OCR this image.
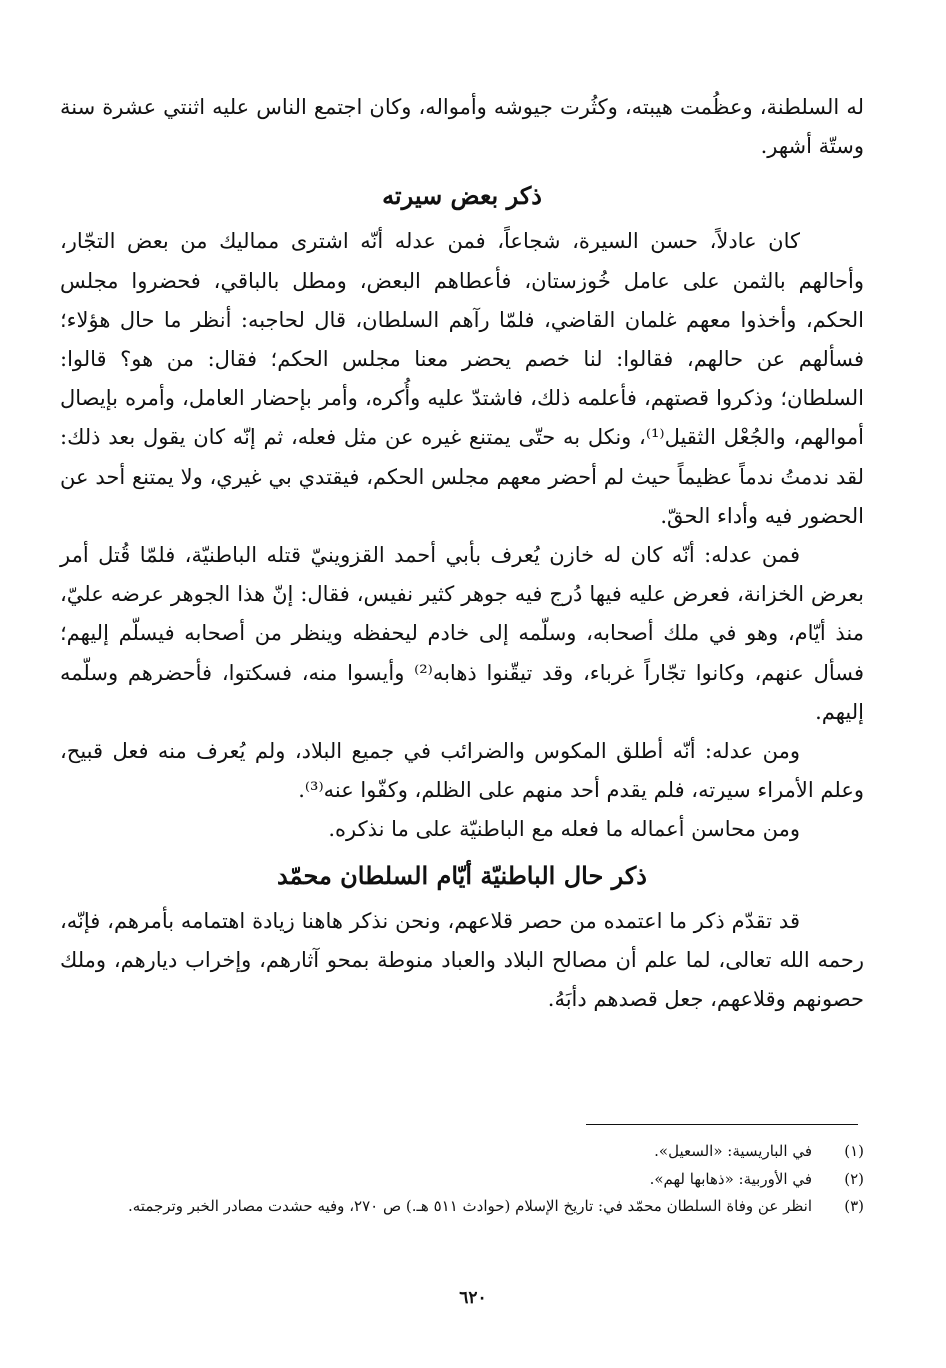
له السلطنة، وعظُمت هيبته، وكثُرت جيوشه وأمواله، وكان اجتمع الناس عليه اثنتي عشرة سنة وستّة أشهر.

ذكر بعض سيرته

كان عادلاً، حسن السيرة، شجاعاً، فمن عدله أنّه اشترى مماليك من بعض التجّار، وأحالهم بالثمن على عامل خُوزستان، فأعطاهم البعض، ومطل بالباقي، فحضروا مجلس الحكم، وأخذوا معهم غلمان القاضي، فلمّا رآهم السلطان، قال لحاجبه: أنظر ما حال هؤلاء؛ فسألهم عن حالهم، فقالوا: لنا خصم يحضر معنا مجلس الحكم؛ فقال: من هو؟ قالوا: السلطان؛ وذكروا قصتهم، فأعلمه ذلك، فاشتدّ عليه وأُكره، وأمر بإحضار العامل، وأمره بإيصال أموالهم، والجُعْل الثقيل⁽¹⁾، ونكل به حتّى يمتنع غيره عن مثل فعله، ثم إنّه كان يقول بعد ذلك: لقد ندمتُ ندماً عظيماً حيث لم أحضر معهم مجلس الحكم، فيقتدي بي غيري، ولا يمتنع أحد عن الحضور فيه وأداء الحقّ.

فمن عدله: أنّه كان له خازن يُعرف بأبي أحمد القزوينيّ قتله الباطنيّة، فلمّا قُتل أمر بعرض الخزانة، فعرض عليه فيها دُرج فيه جوهر كثير نفيس، فقال: إنّ هذا الجوهر عرضه عليّ، منذ أيّام، وهو في ملك أصحابه، وسلّمه إلى خادم ليحفظه وينظر من أصحابه فيسلّم إليهم؛ فسأل عنهم، وكانوا تجّاراً غرباء، وقد تيقّنوا ذهابه⁽²⁾ وأيسوا منه، فسكتوا، فأحضرهم وسلّمه إليهم.

ومن عدله: أنّه أطلق المكوس والضرائب في جميع البلاد، ولم يُعرف منه فعل قبيح، وعلم الأمراء سيرته، فلم يقدم أحد منهم على الظلم، وكفّوا عنه⁽³⁾.

ومن محاسن أعماله ما فعله مع الباطنيّة على ما نذكره.

ذكر حال الباطنيّة أيّام السلطان محمّد

قد تقدّم ذكر ما اعتمده من حصر قلاعهم، ونحن نذكر هاهنا زيادة اهتمامه بأمرهم، فإنّه، رحمه الله تعالى، لما علم أن مصالح البلاد والعباد منوطة بمحو آثارهم، وإخراب ديارهم، وملك حصونهم وقلاعهم، جعل قصدهم دأبَهُ.

(١)
في الباريسية: «السعيل».
(٢)
في الأوربية: «ذهابها لهم».
(٣)
انظر عن وفاة السلطان محمّد في: تاريخ الإسلام (حوادث ٥١١ هـ.) ص ٢٧٠، وفيه حشدت مصادر الخبر وترجمته.
٦٢٠
